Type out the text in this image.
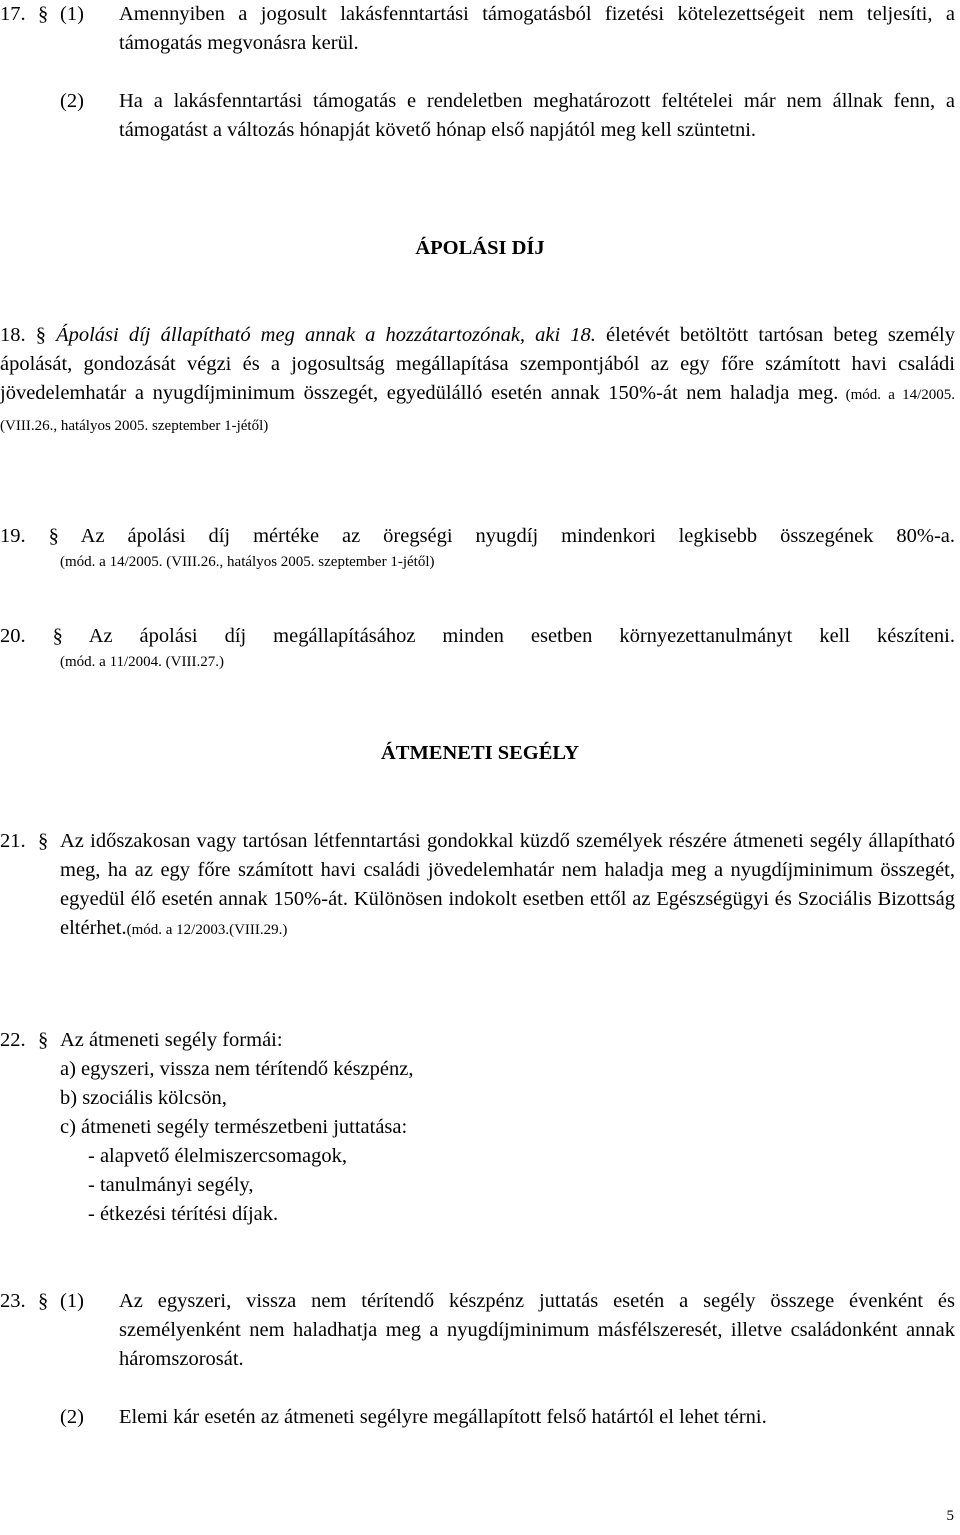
17. § (1) Amennyiben a jogosult lakásfenntartási támogatásból fizetési kötelezettségeit nem teljesíti, a támogatás megvonásra kerül.
(2)	Ha a lakásfenntartási támogatás e rendeletben meghatározott feltételei már nem állnak fenn, a támogatást a változás hónapját követő hónap első napjától meg kell szüntetni.
ÁPOLÁSI DÍJ
18. § Ápolási díj állapítható meg annak a hozzátartozónak, aki 18. életévét betöltött tartósan beteg személy ápolását, gondozását végzi és a jogosultság megállapítása szempontjából az egy főre számított havi családi jövedelemhatár a nyugdíjminimum összegét, egyedülálló esetén annak 150%-át nem haladja meg. (mód. a 14/2005. (VIII.26., hatályos 2005. szeptember 1-jétől)
19. § Az ápolási díj mértéke az öregségi nyugdíj mindenkori legkisebb összegének 80%-a.
(mód. a 14/2005. (VIII.26., hatályos 2005. szeptember 1-jétől)
20. § Az ápolási díj megállapításához minden esetben környezettanulmányt kell készíteni.
(mód. a 11/2004. (VIII.27.)
ÁTMENETI SEGÉLY
21. § Az időszakosan vagy tartósan létfenntartási gondokkal küzdő személyek részére átmeneti segély állapítható meg, ha az egy főre számított havi családi jövedelemhatár nem haladja meg a nyugdíjminimum összegét, egyedül élő esetén annak 150%-át. Különösen indokolt esetben ettől az Egészségügyi és Szociális Bizottság eltérhet.(mód. a 12/2003.(VIII.29.)
22. § Az átmeneti segély formái:
a) egyszeri, vissza nem térítendő készpénz,
b) szociális kölcsön,
c) átmeneti segély természetbeni juttatása:
- alapvető élelmiszercsomagok,
- tanulmányi segély,
- étkezési térítési díjak.
23. § (1) Az egyszeri, vissza nem térítendő készpénz juttatás esetén a segély összege évenként és személyenként nem haladhatja meg a nyugdíjminimum másfélszeresét, illetve családonként annak háromszorosát.
(2)	Elemi kár esetén az átmeneti segélyre megállapított felső határtól el lehet térni.
5
